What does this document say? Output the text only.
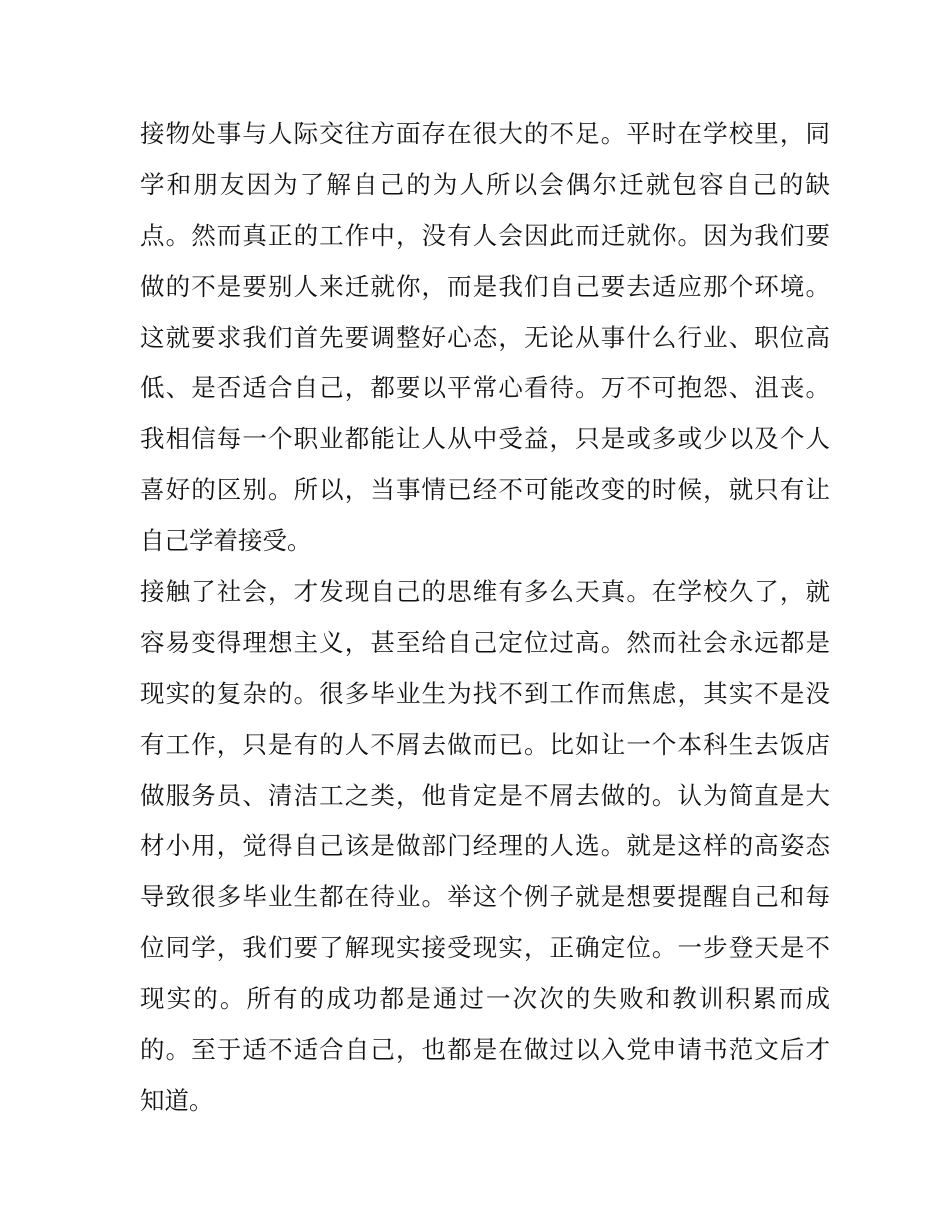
接物处事与人际交往方面存在很大的不足。平时在学校里，同
学和朋友因为了解自己的为人所以会偶尔迁就包容自己的缺
点。然而真正的工作中，没有人会因此而迁就你。因为我们要
做的不是要别人来迁就你，而是我们自己要去适应那个环境。
这就要求我们首先要调整好心态，无论从事什么行业、职位高
低、是否适合自己，都要以平常心看待。万不可抱怨、沮丧。
我相信每一个职业都能让人从中受益，只是或多或少以及个人
喜好的区别。所以，当事情已经不可能改变的时候，就只有让
自己学着接受。
接触了社会，才发现自己的思维有多么天真。在学校久了，就
容易变得理想主义，甚至给自己定位过高。然而社会永远都是
现实的复杂的。很多毕业生为找不到工作而焦虑，其实不是没
有工作，只是有的人不屑去做而已。比如让一个本科生去饭店
做服务员、清洁工之类，他肯定是不屑去做的。认为简直是大
材小用，觉得自己该是做部门经理的人选。就是这样的高姿态
导致很多毕业生都在待业。举这个例子就是想要提醒自己和每
位同学，我们要了解现实接受现实，正确定位。一步登天是不
现实的。所有的成功都是通过一次次的失败和教训积累而成
的。至于适不适合自己，也都是在做过以入党申请书范文后才
知道。
